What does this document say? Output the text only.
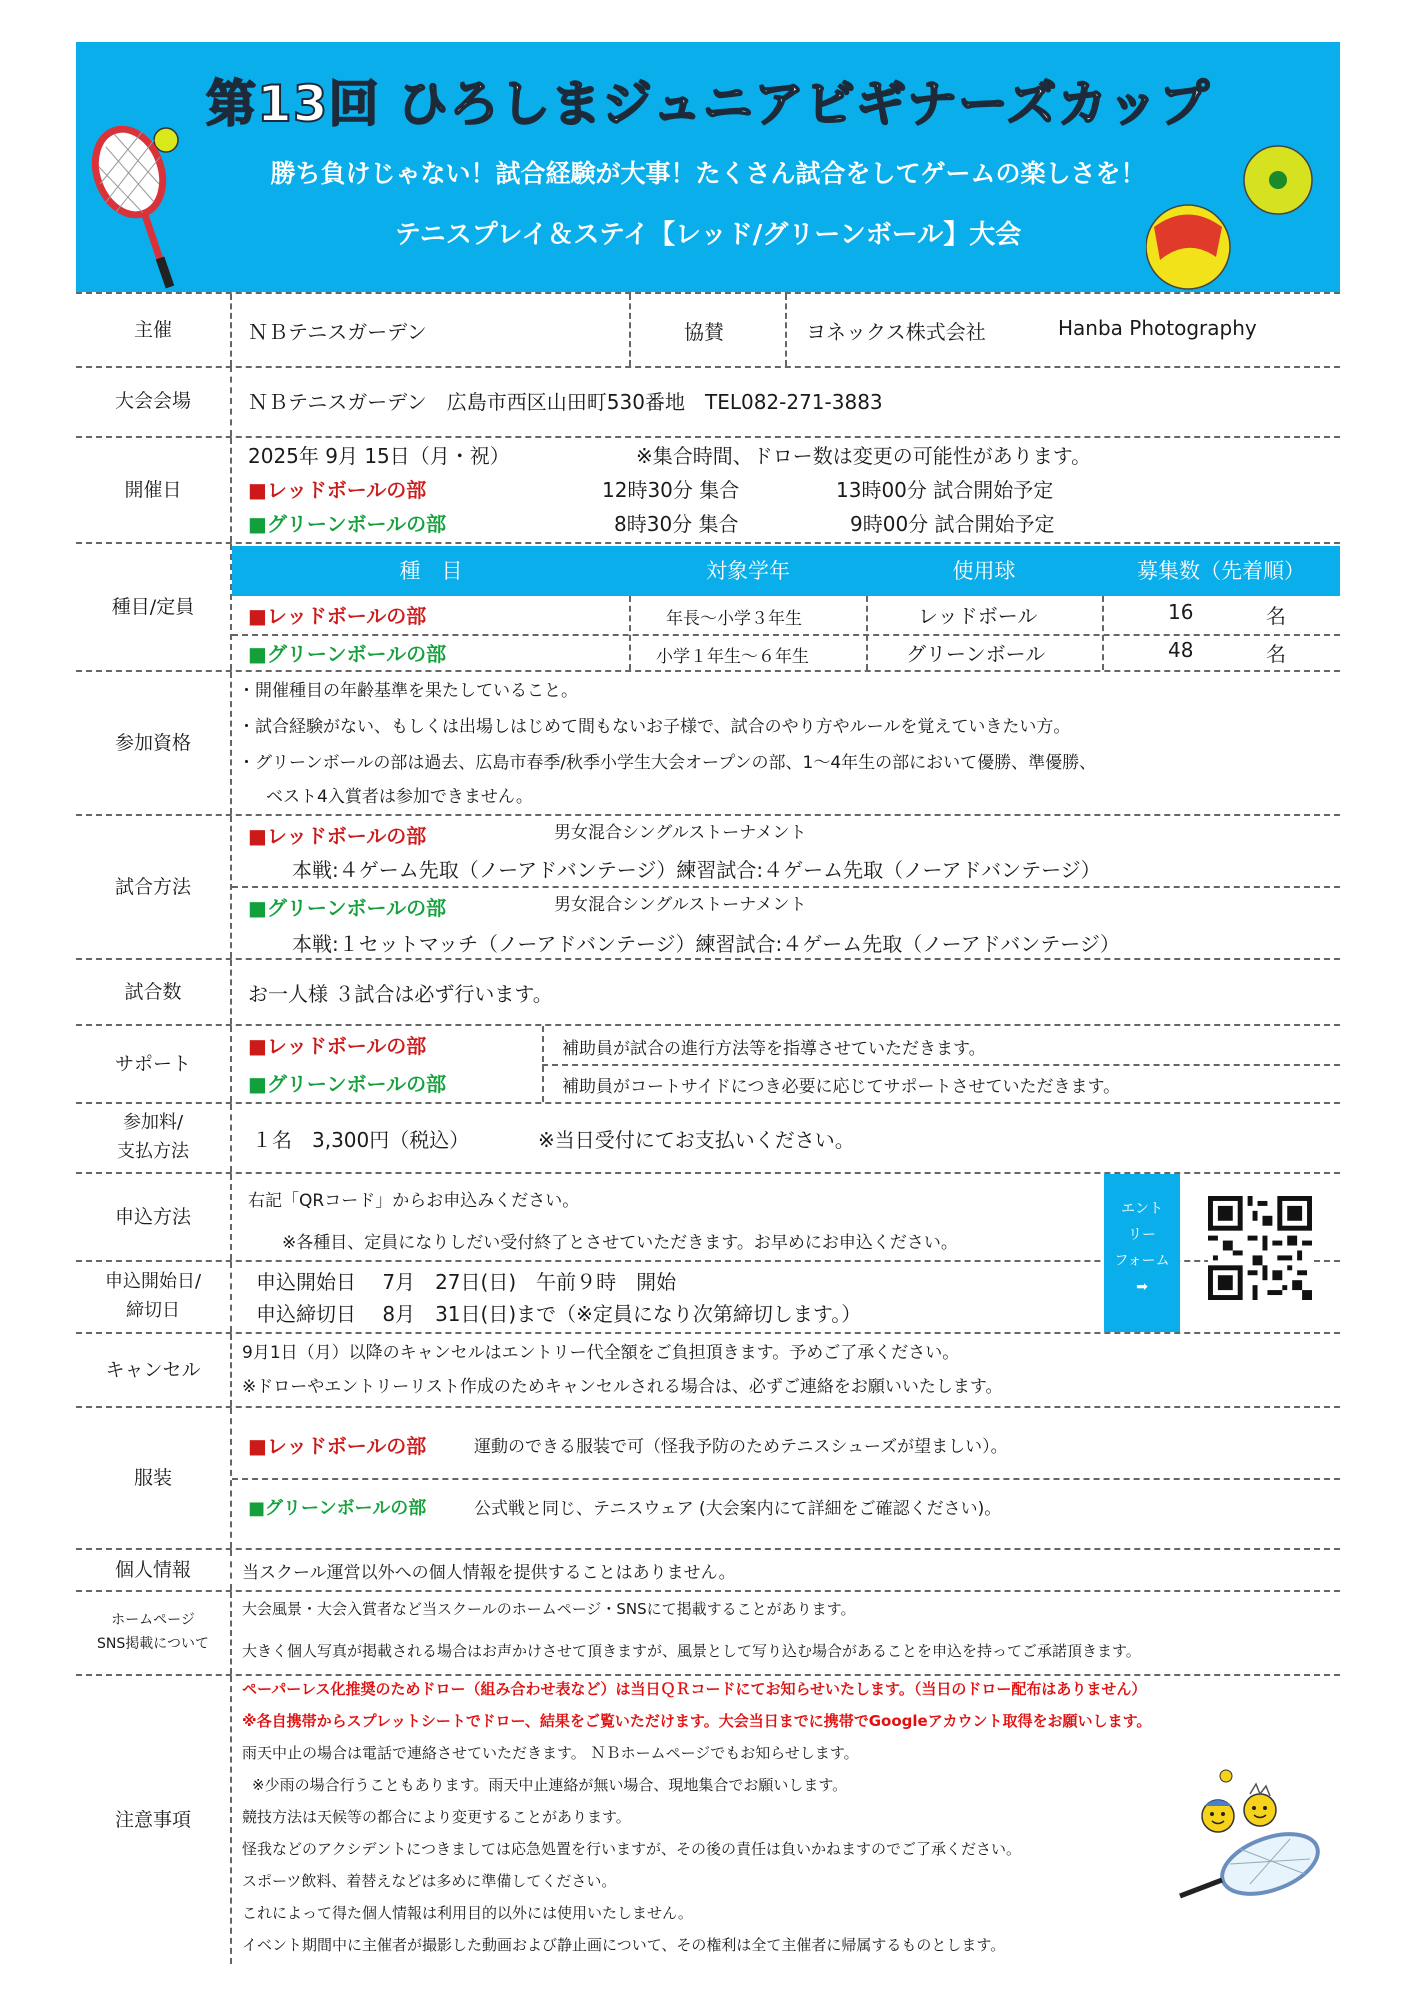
第13回 ひろしまジュニアビギナーズカップ
勝ち負けじゃない！試合経験が大事！たくさん試合をしてゲームの楽しさを！
テニスプレイ＆ステイ【レッド/グリーンボール】大会
主催	ＮＢテニスガーデン	協賛	ヨネックス株式会社	Hanba Photography
大会会場	ＮＢテニスガーデン　広島市西区山田町530番地　TEL082-271-3883
開催日
2025年 9月 15日（月・祝）	※集合時間、ドロー数は変更の可能性があります。
■レッドボールの部	12時30分 集合	13時00分 試合開始予定
■グリーンボールの部	8時30分 集合	9時00分 試合開始予定
種目/定員
種　目	対象学年	使用球	募集数（先着順）
■レッドボールの部	年長～小学３年生	レッドボール	16	名
■グリーンボールの部	小学１年生～６年生	グリーンボール	48	名
参加資格
・開催種目の年齢基準を果たしていること。
・試合経験がない、もしくは出場しはじめて間もないお子様で、試合のやり方やルールを覚えていきたい方。
・グリーンボールの部は過去、広島市春季/秋季小学生大会オープンの部、1～4年生の部において優勝、準優勝、
ベスト4入賞者は参加できません。
試合方法
■レッドボールの部	男女混合シングルストーナメント
本戦:４ゲーム先取（ノーアドバンテージ）練習試合:４ゲーム先取（ノーアドバンテージ）
■グリーンボールの部	男女混合シングルストーナメント
本戦:１セットマッチ（ノーアドバンテージ）練習試合:４ゲーム先取（ノーアドバンテージ）
試合数	お一人様 ３試合は必ず行います。
サポート
■レッドボールの部	補助員が試合の進行方法等を指導させていただきます。
■グリーンボールの部	補助員がコートサイドにつき必要に応じてサポートさせていただきます。
参加料/
支払方法	１名　3,300円（税込）	※当日受付にてお支払いください。
申込方法
右記「QRコード」からお申込みください。
※各種目、定員になりしだい受付終了とさせていただきます。お早めにお申込ください。
申込開始日/
締切日
申込開始日　 7月　27日(日)　午前９時　開始
申込締切日　 8月　31日(日)まで（※定員になり次第締切します。）
エント
リー
フォーム
➡
キャンセル
9月1日（月）以降のキャンセルはエントリー代全額をご負担頂きます。予めご了承ください。
※ドローやエントリーリスト作成のためキャンセルされる場合は、必ずご連絡をお願いいたします。
服装
■レッドボールの部	運動のできる服装で可（怪我予防のためテニスシューズが望ましい）。
■グリーンボールの部	公式戦と同じ、テニスウェア (大会案内にて詳細をご確認ください)。
個人情報	当スクール運営以外への個人情報を提供することはありません。
ホームページ
SNS掲載について
大会風景・大会入賞者など当スクールのホームページ・SNSにて掲載することがあります。
大きく個人写真が掲載される場合はお声かけさせて頂きますが、風景として写り込む場合があることを申込を持ってご承諾頂きます。
注意事項
ペーパーレス化推奨のためドロー（組み合わせ表など）は当日ＱＲコードにてお知らせいたします。（当日のドロー配布はありません）
※各自携帯からスプレットシートでドロー、結果をご覧いただけます。大会当日までに携帯でGoogleアカウント取得をお願いします。
雨天中止の場合は電話で連絡させていただきます。 ＮＢホームページでもお知らせします。
※少雨の場合行うこともあります。雨天中止連絡が無い場合、現地集合でお願いします。
競技方法は天候等の都合により変更することがあります。
怪我などのアクシデントにつきましては応急処置を行いますが、その後の責任は負いかねますのでご了承ください。
スポーツ飲料、着替えなどは多めに準備してください。
これによって得た個人情報は利用目的以外には使用いたしません。
イベント期間中に主催者が撮影した動画および静止画について、その権利は全て主催者に帰属するものとします。
